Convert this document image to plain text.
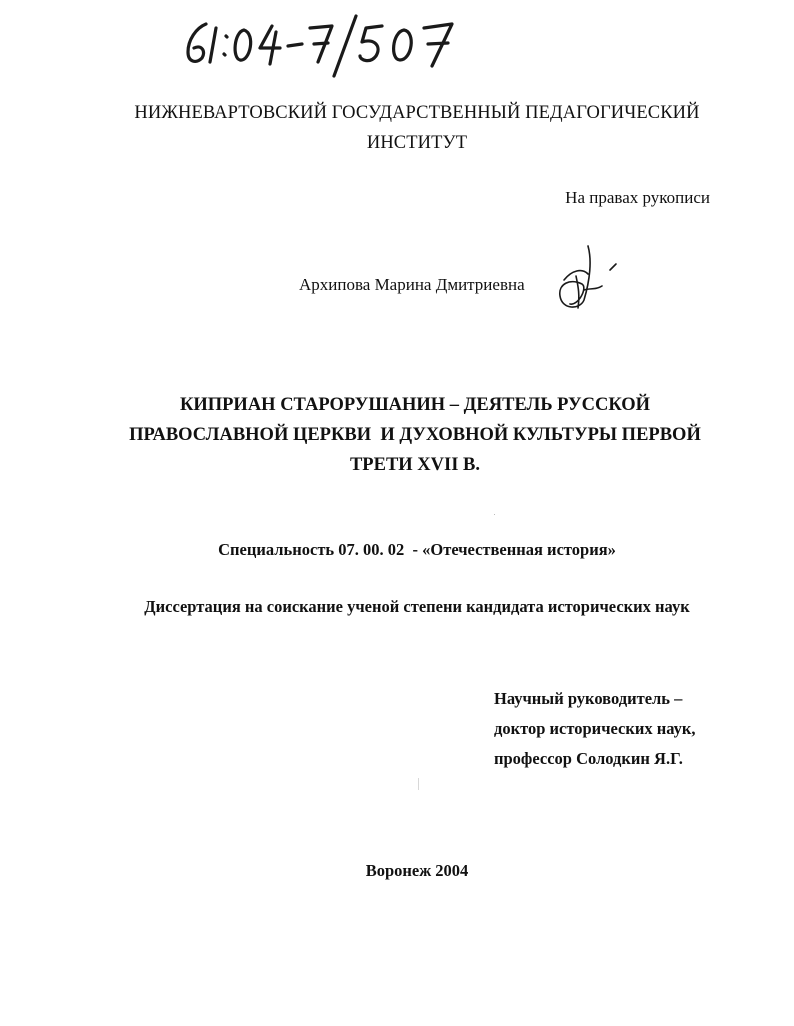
НИЖНЕВАРТОВСКИЙ ГОСУДАРСТВЕННЫЙ ПЕДАГОГИЧЕСКИЙ
ИНСТИТУТ
На правах рукописи
Архипова Марина Дмитриевна
КИПРИАН СТАРОРУШАНИН – ДЕЯТЕЛЬ РУССКОЙ
ПРАВОСЛАВНОЙ ЦЕРКВИ  И ДУХОВНОЙ КУЛЬТУРЫ ПЕРВОЙ
ТРЕТИ XVII В.
Специальность 07. 00. 02  - «Отечественная история»
Диссертация на соискание ученой степени кандидата исторических наук
Научный руководитель –
доктор исторических наук,
профессор Солодкин Я.Г.
Воронеж 2004
